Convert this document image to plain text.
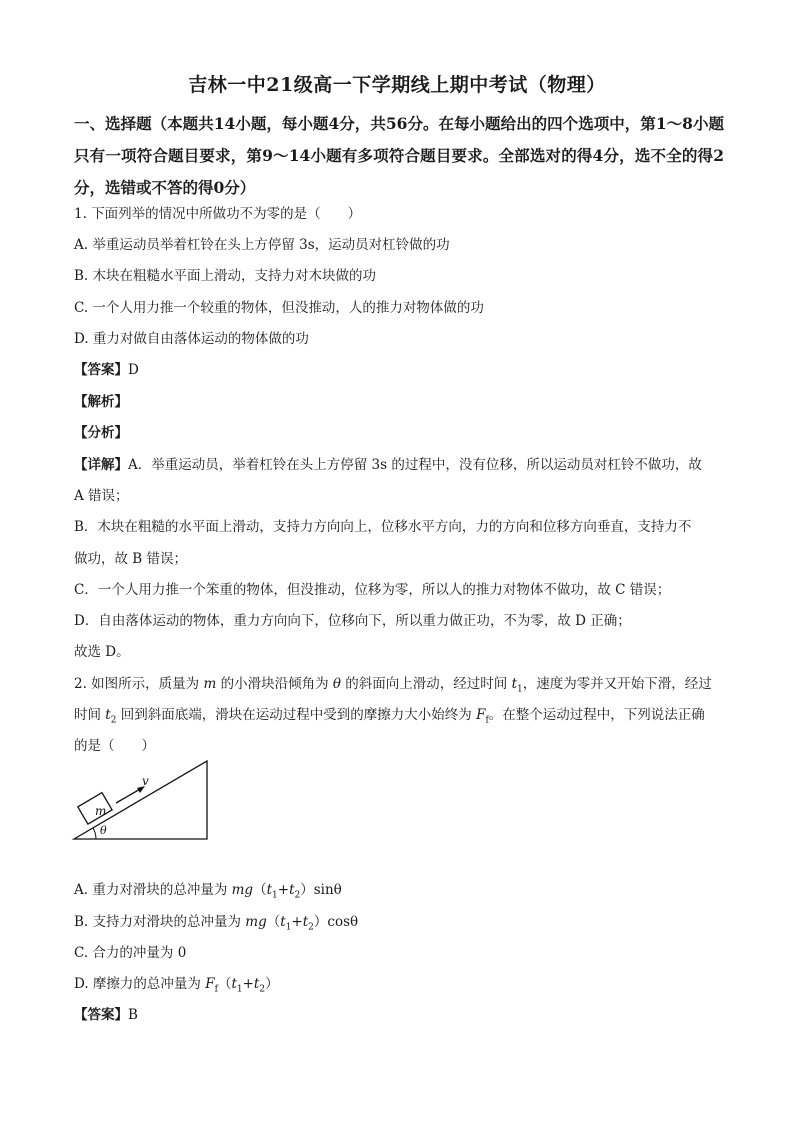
吉林一中21级高一下学期线上期中考试（物理）
一、选择题（本题共14小题，每小题4分，共56分。在每小题给出的四个选项中，第1～8小题只有一项符合题目要求，第9～14小题有多项符合题目要求。全部选对的得4分，选不全的得2分，选错或不答的得0分）
1. 下面列举的情况中所做功不为零的是（　　）
A. 举重运动员举着杠铃在头上方停留 3s，运动员对杠铃做的功
B. 木块在粗糙水平面上滑动，支持力对木块做的功
C. 一个人用力推一个较重的物体，但没推动，人的推力对物体做的功
D. 重力对做自由落体运动的物体做的功
【答案】D
【解析】
【分析】
【详解】A．举重运动员，举着杠铃在头上方停留 3s 的过程中，没有位移，所以运动员对杠铃不做功，故
A 错误；
B．木块在粗糙的水平面上滑动，支持力方向向上，位移水平方向，力的方向和位移方向垂直，支持力不
做功，故 B 错误；
C．一个人用力推一个笨重的物体，但没推动，位移为零，所以人的推力对物体不做功，故 C 错误；
D．自由落体运动的物体，重力方向向下，位移向下，所以重力做正功，不为零，故 D 正确；
故选 D。
2. 如图所示，质量为 m 的小滑块沿倾角为 θ 的斜面向上滑动，经过时间 $t_1$，速度为零并又开始下滑，经过
时间 $t_2$ 回到斜面底端，滑块在运动过程中受到的摩擦力大小始终为 $F_f$。在整个运动过程中，下列说法正确
的是（　　）
m
v
θ
A. 重力对滑块的总冲量为 $mg(t_1+t_2)\sin\theta$
B. 支持力对滑块的总冲量为 $mg(t_1+t_2)\cos\theta$
C. 合力的冲量为 0
D. 摩擦力的总冲量为 $F_f(t_1+t_2)$
【答案】B
